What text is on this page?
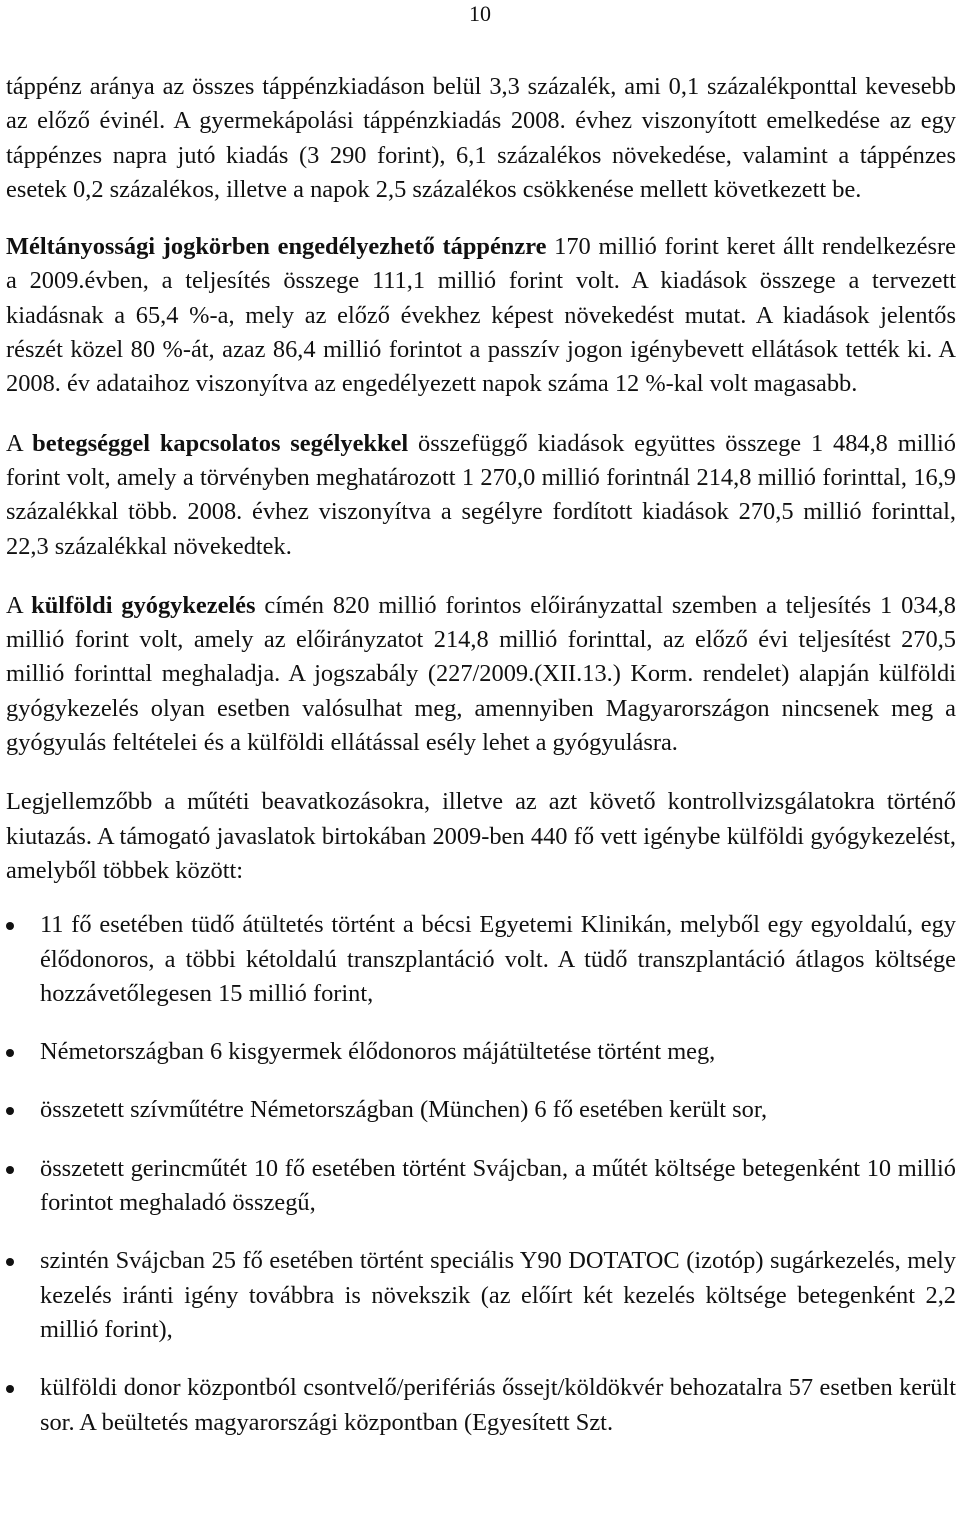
10

táppénz aránya az összes táppénzkiadáson belül 3,3 százalék, ami 0,1 százalékponttal kevesebb az előző évinél. A gyermekápolási táppénzkiadás 2008. évhez viszonyított emelkedése az egy táppénzes napra jutó kiadás (3 290 forint), 6,1 százalékos növekedése, valamint a táppénzes esetek 0,2 százalékos, illetve a napok 2,5 százalékos csökkenése mellett következett be.

Méltányossági jogkörben engedélyezhető táppénzre 170 millió forint keret állt rendelkezésre a 2009.évben, a teljesítés összege 111,1 millió forint volt. A kiadások összege a tervezett kiadásnak a 65,4 %-a, mely az előző évekhez képest növekedést mutat. A kiadások jelentős részét közel 80 %-át, azaz 86,4 millió forintot a passzív jogon igénybevett ellátások tették ki. A 2008. év adataihoz viszonyítva az engedélyezett napok száma 12 %-kal volt magasabb.

A betegséggel kapcsolatos segélyekkel összefüggő kiadások együttes összege 1 484,8 millió forint volt, amely a törvényben meghatározott 1 270,0 millió forintnál 214,8 millió forinttal, 16,9 százalékkal több. 2008. évhez viszonyítva a segélyre fordított kiadások 270,5 millió forinttal, 22,3 százalékkal növekedtek.

A külföldi gyógykezelés címén 820 millió forintos előirányzattal szemben a teljesítés 1 034,8 millió forint volt, amely az előirányzatot 214,8 millió forinttal, az előző évi teljesítést 270,5 millió forinttal meghaladja. A jogszabály (227/2009.(XII.13.) Korm. rendelet) alapján külföldi gyógykezelés olyan esetben valósulhat meg, amennyiben Magyarországon nincsenek meg a gyógyulás feltételei és a külföldi ellátással esély lehet a gyógyulásra.

Legjellemzőbb a műtéti beavatkozásokra, illetve az azt követő kontrollvizsgálatokra történő kiutazás. A támogató javaslatok birtokában 2009-ben 440 fő vett igénybe külföldi gyógykezelést, amelyből többek között:

11 fő esetében tüdő átültetés történt a bécsi Egyetemi Klinikán, melyből egy egyoldalú, egy élődonoros, a többi kétoldalú transzplantáció volt. A tüdő transzplantáció átlagos költsége hozzávetőlegesen 15 millió forint,
Németországban 6 kisgyermek élődonoros májátültetése történt meg,
összetett szívműtétre Németországban (München) 6 fő esetében került sor,
összetett gerincműtét 10 fő esetében történt Svájcban, a műtét költsége betegenként 10 millió forintot meghaladó összegű,
szintén Svájcban 25 fő esetében történt speciális Y90 DOTATOC (izotóp) sugárkezelés, mely kezelés iránti igény továbbra is növekszik (az előírt két kezelés költsége betegenként 2,2 millió forint),
külföldi donor központból csontvelő/perifériás őssejt/köldökvér behozatalra 57 esetben került sor. A beültetés magyarországi központban (Egyesített Szt.
